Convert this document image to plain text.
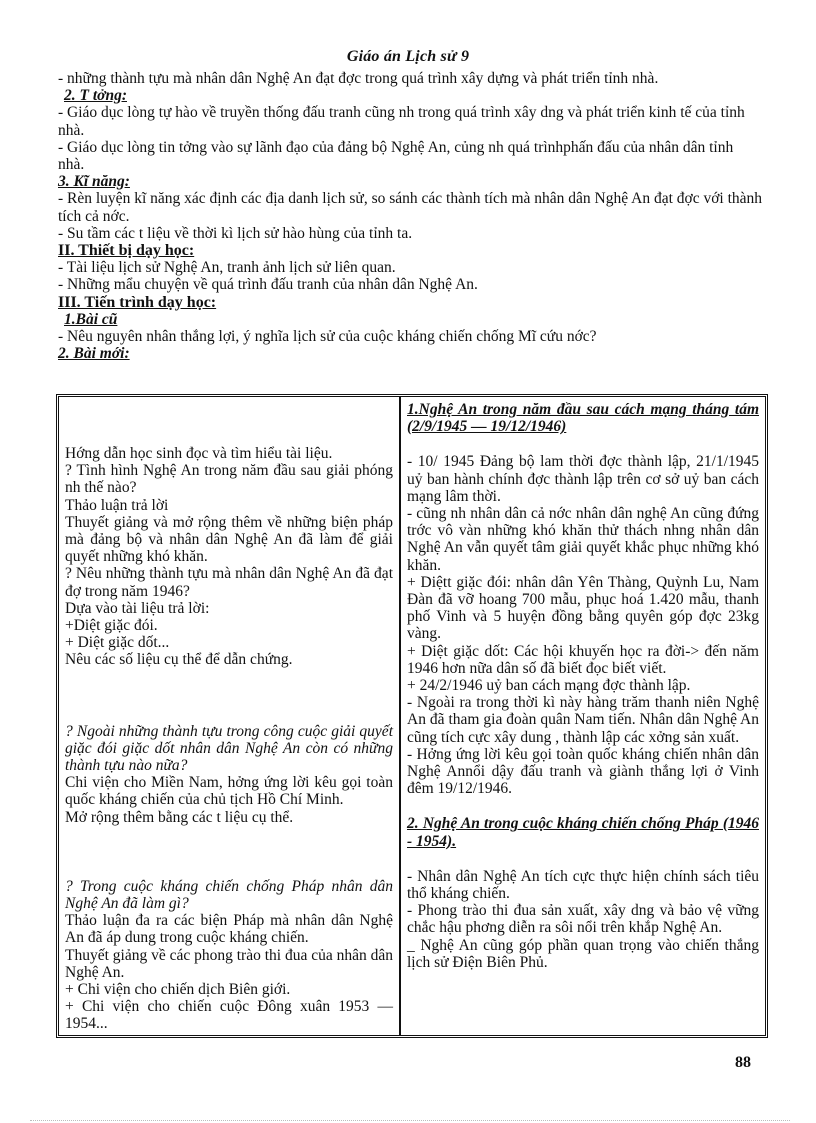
Giáo án Lịch sử 9

- những thành tựu mà nhân dân Nghệ An đạt đợc trong quá trình xây dựng và phát triển tỉnh nhà.

2. T tởng:

- Giáo dục lòng tự hào về truyền thống đấu tranh cũng nh trong quá trình xây dng và phát triển kinh tế của tỉnh nhà.

- Giáo dục lòng tin tởng vào sự lãnh đạo của đảng bộ Nghệ An, củng nh quá trìnhphấn đấu của nhân dân tỉnh nhà.

3. Kĩ năng:

- Rèn luyện kĩ năng xác định các địa danh lịch sử, so sánh các thành tích mà nhân dân Nghệ An đạt đợc với thành tích cả nớc.

- Su tầm các t liệu về thời kì lịch sử hào hùng của tỉnh ta.

II. Thiết bị dạy học:

- Tài liệu lịch sử Nghệ An, tranh ảnh lịch sử liên quan.

- Những mẩu chuyện về quá trình đấu tranh của nhân dân Nghệ An.

III. Tiến trình dạy học:

1.Bài cũ

- Nêu nguyên nhân thắng lợi, ý nghĩa lịch sử của cuộc kháng chiến chống Mĩ cứu nớc?

2. Bài mới:

Hớng dẫn học sinh đọc và tìm hiểu tài liệu.

? Tình hình Nghệ An trong năm đầu sau giải phóng nh thế nào?

Thảo luận trả lời

Thuyết giảng và mở rộng thêm về những biện pháp mà đảng bộ và nhân dân Nghệ An đã làm để giải quyết những khó khăn.

? Nêu những thành tựu mà nhân dân Nghệ An đã đạt đợ trong năm 1946?

Dựa vào tài liệu trả lời:

+Diệt giặc đói.

+ Diệt giặc dốt...

Nêu các số liệu cụ thể để dẫn chứng.

? Ngoài những thành tựu trong công cuộc giải quyết giặc đói giặc dốt nhân dân Nghệ An còn có những thành tựu nào nữa?

Chi viện cho Miền Nam, hởng ứng lời kêu gọi toàn quốc kháng chiến của chủ tịch Hồ Chí Minh.

Mở rộng thêm bằng các t liệu cụ thể.

? Trong cuộc kháng chiến chống Pháp nhân dân Nghệ An đã làm gì?

Thảo luận đa ra các biện Pháp mà nhân dân Nghệ An đã áp dung trong cuộc kháng chiến.

Thuyết giảng về các phong trào thi đua của nhân dân Nghệ An.

+ Chi viện cho chiến dịch Biên giới.

+ Chi viện cho chiến cuộc Đông xuân 1953 — 1954...

1.Nghệ An trong năm đầu sau cách mạng tháng tám (2/9/1945 — 19/12/1946)

- 10/ 1945 Đảng bộ lam thời đợc thành lập, 21/1/1945 uỷ ban hành chính đợc thành lập trên cơ sở uỷ ban cách mạng lâm thời.

- cũng nh nhân dân cả nớc nhân dân nghệ An cũng đứng trớc vô vàn những khó khăn thử thách nhng nhân dân Nghệ An vẫn quyết tâm giải quyết khắc phục những khó khăn.

+ Diệtt giặc đói: nhân dân Yên Thàng, Quỳnh Lu, Nam Đàn đã vỡ hoang 700 mẫu, phục hoá 1.420 mẫu, thanh phố Vinh và 5 huyện đồng bằng quyên góp đợc 23kg vàng.

+ Diệt giặc dốt: Các hội khuyến học ra đời-> đến năm 1946 hơn nữa dân số đã biết đọc biết viết.

+ 24/2/1946 uỷ ban cách mạng đợc thành lập.

- Ngoài ra trong thời kì này hàng trăm thanh niên Nghệ An đã tham gia đoàn quân Nam tiến. Nhân dân Nghệ An cũng tích cực xây dung , thành lập các xởng sản xuất.

- Hởng ứng lời kêu gọi toàn quốc kháng chiến nhân dân Nghệ Annổi dậy đấu tranh và giành thắng lợi ở Vinh đêm 19/12/1946.

2. Nghệ An trong cuộc kháng chiến chống Pháp (1946 - 1954).

- Nhân dân Nghệ An tích cực thực hiện chính sách tiêu thổ kháng chiến.

- Phong trào thi đua sản xuất, xây dng và bảo vệ vững chắc hậu phơng diễn ra sôi nổi trên khắp Nghệ An.

_ Nghệ An cũng góp phần quan trọng vào chiến thắng lịch sử Điện Biên Phủ.

88
